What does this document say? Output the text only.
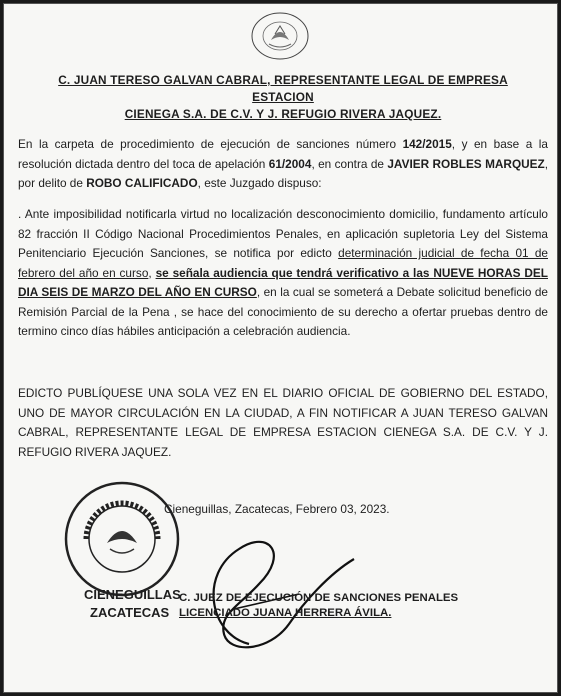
C. JUAN TERESO GALVAN CABRAL, REPRESENTANTE LEGAL DE EMPRESA ESTACION
CIENEGA S.A. DE C.V. Y J. REFUGIO RIVERA JAQUEZ.
En la carpeta de procedimiento de ejecución de sanciones número 142/2015, y en base a la resolución dictada dentro del toca de apelación 61/2004, en contra de JAVIER ROBLES MARQUEZ, por delito de ROBO CALIFICADO, este Juzgado dispuso:
. Ante imposibilidad notificarla virtud no localización desconocimiento domicilio, fundamento artículo 82 fracción II Código Nacional Procedimientos Penales, en aplicación supletoria Ley del Sistema Penitenciario Ejecución Sanciones, se notifica por edicto determinación judicial de fecha 01 de febrero del año en curso, se señala audiencia que tendrá verificativo a las NUEVE HORAS DEL DIA SEIS DE MARZO DEL AÑO EN CURSO, en la cual se someterá a Debate solicitud beneficio de Remisión Parcial de la Pena , se hace del conocimiento de su derecho a ofertar pruebas dentro de termino cinco días hábiles anticipación a celebración audiencia.
EDICTO PUBLÍQUESE UNA SOLA VEZ EN EL DIARIO OFICIAL DE GOBIERNO DEL ESTADO, UNO DE MAYOR CIRCULACIÓN EN LA CIUDAD, A FIN NOTIFICAR A JUAN TERESO GALVAN CABRAL, REPRESENTANTE LEGAL DE EMPRESA ESTACION CIENEGA S.A. DE C.V. Y J. REFUGIO RIVERA JAQUEZ.
Cieneguillas, Zacatecas, Febrero 03, 2023.
CIENEGUILLAS
ZACATECAS
C. JUEZ DE EJECUCIÓN DE SANCIONES PENALES
LICENCIADO JUANA HERRERA ÁVILA.
